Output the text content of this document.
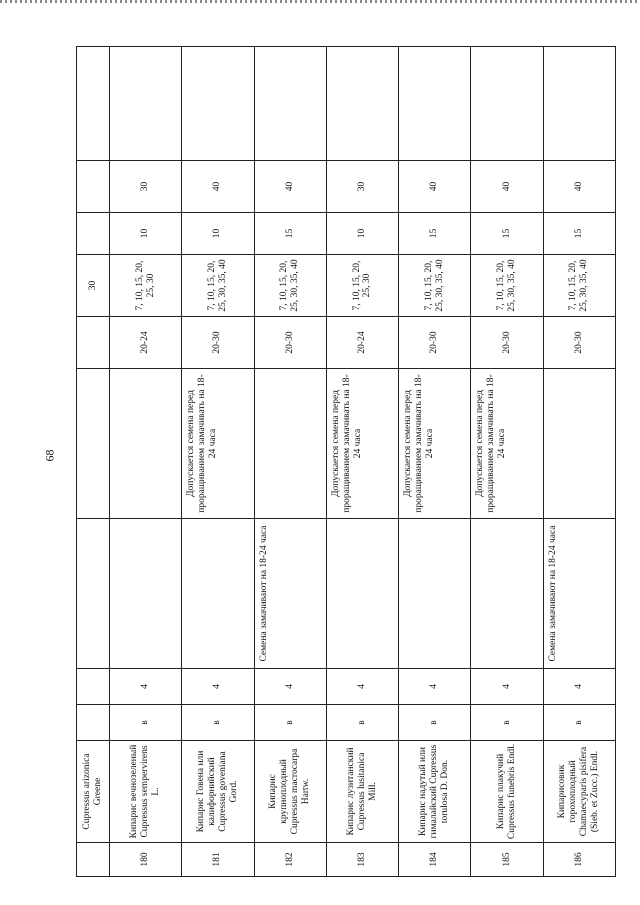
68
	Cupressus arizonica Greene						30				
180	Кипарис вечнозеленый Cupressus sempervirens L.	в	4			20-24	7, 10, 15, 20, 25, 30	10	30		
181	Кипарис Говена или калифорнийский Cupressus govenianа Gord.	в	4		Допускается семена перед проращиванием замачивать на 18-24 часа	20-30	7, 10, 15, 20, 25, 30, 35, 40	10	40		
182	Кипарис крупноплодный Cupressus macrocarpa Hartw.	в	4	Семена замачивают на 18-24 часа		20-30	7, 10, 15, 20, 25, 30, 35, 40	15	40		
183	Кипарис лузитанский Cupressus lusitanica Mill.	в	4		Допускается семена перед проращиванием замачивать на 18-24 часа	20-24	7, 10, 15, 20, 25, 30	10	30		
184	Кипарис надутый или гималайский Cupressus torulosa D. Don.	в	4		Допускается семена перед проращиванием замачивать на 18-24 часа	20-30	7, 10, 15, 20, 25, 30, 35, 40	15	40		
185	Кипарис плакучий Cupressus funebris Endl.	в	4		Допускается семена перед проращиванием замачивать на 18-24 часа	20-30	7, 10, 15, 20, 25, 30, 35, 40	15	40		
186	Кипарисовик горохоплодный Chamaecyparis pisifera (Sieb. et Zucc.) Endl.	в	4	Семена замачивают на 18-24 часа		20-30	7, 10, 15, 20, 25, 30, 35, 40	15	40		
